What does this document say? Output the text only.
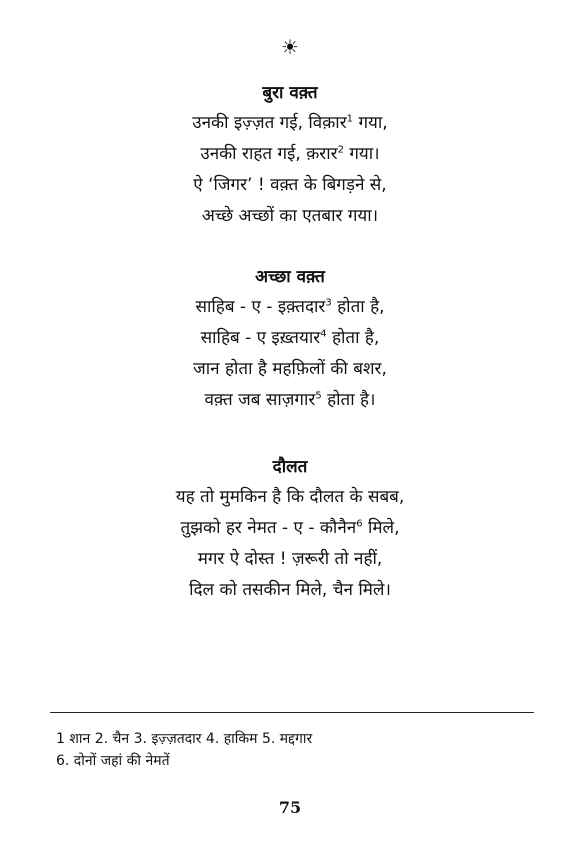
☀
बुरा वक़्त
उनकी इज़्ज़त गई, विक़ार$^1$ गया,
उनकी राहत गई, क़रार$^2$ गया।
ऐ ‘जिगर’ ! वक़्त के बिगड़ने से,
अच्छे अच्छों का एतबार गया।
अच्छा वक़्त
साहिब - ए - इक़्तदार$^3$ होता है,
साहिब - ए इख़्तयार$^4$ होता है,
जान होता है महफ़िलों की बशर,
वक़्त जब साज़गार$^5$ होता है।
दौलत
यह तो मुमकिन है कि दौलत के सबब,
तुझको हर नेमत - ए - कौनैन$^6$ मिले,
मगर ऐ दोस्त ! ज़रूरी तो नहीं,
दिल को तसकीन मिले, चैन मिले।
1 शान 2. चैन 3. इज़्ज़तदार 4. हाकिम 5. मद्दगार
6. दोनों जहां की नेमतें
75
